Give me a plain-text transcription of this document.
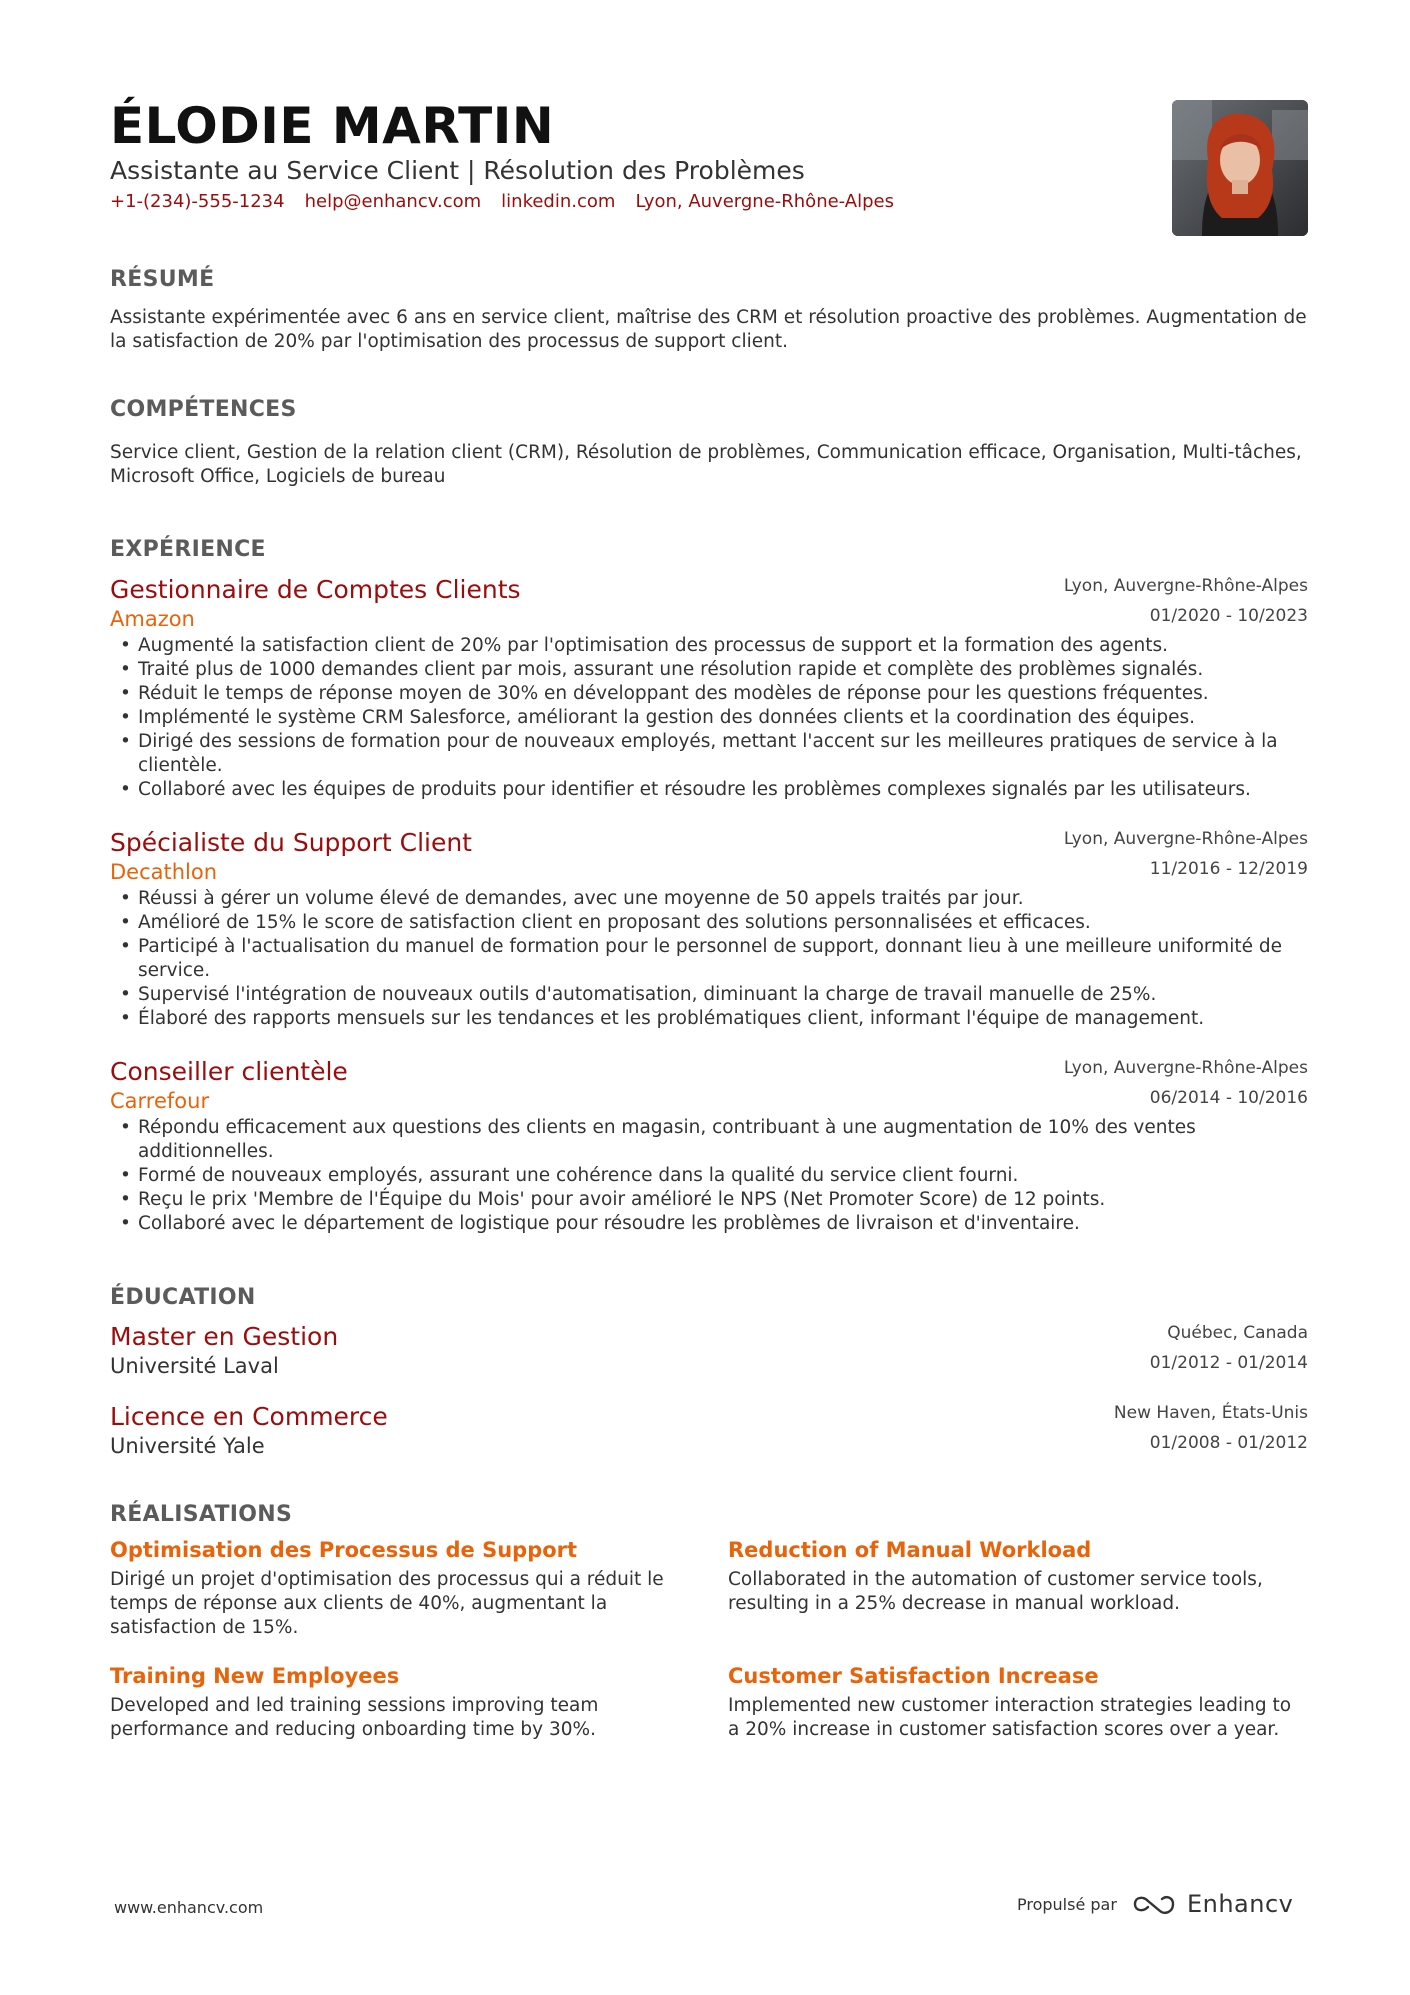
ÉLODIE MARTIN
Assistante au Service Client | Résolution des Problèmes
+1-(234)-555-1234 help@enhancv.com linkedin.com Lyon, Auvergne-Rhône-Alpes
RÉSUMÉ
Assistante expérimentée avec 6 ans en service client, maîtrise des CRM et résolution proactive des problèmes. Augmentation de la satisfaction de 20% par l'optimisation des processus de support client.
COMPÉTENCES
Service client, Gestion de la relation client (CRM), Résolution de problèmes, Communication efficace, Organisation, Multi-tâches, Microsoft Office, Logiciels de bureau
EXPÉRIENCE
Gestionnaire de Comptes Clients
Amazon
Lyon, Auvergne-Rhône-Alpes
01/2020 - 10/2023
• Augmenté la satisfaction client de 20% par l'optimisation des processus de support et la formation des agents.
• Traité plus de 1000 demandes client par mois, assurant une résolution rapide et complète des problèmes signalés.
• Réduit le temps de réponse moyen de 30% en développant des modèles de réponse pour les questions fréquentes.
• Implémenté le système CRM Salesforce, améliorant la gestion des données clients et la coordination des équipes.
• Dirigé des sessions de formation pour de nouveaux employés, mettant l'accent sur les meilleures pratiques de service à la clientèle.
• Collaboré avec les équipes de produits pour identifier et résoudre les problèmes complexes signalés par les utilisateurs.
Spécialiste du Support Client
Decathlon
Lyon, Auvergne-Rhône-Alpes
11/2016 - 12/2019
• Réussi à gérer un volume élevé de demandes, avec une moyenne de 50 appels traités par jour.
• Amélioré de 15% le score de satisfaction client en proposant des solutions personnalisées et efficaces.
• Participé à l'actualisation du manuel de formation pour le personnel de support, donnant lieu à une meilleure uniformité de service.
• Supervisé l'intégration de nouveaux outils d'automatisation, diminuant la charge de travail manuelle de 25%.
• Élaboré des rapports mensuels sur les tendances et les problématiques client, informant l'équipe de management.
Conseiller clientèle
Carrefour
Lyon, Auvergne-Rhône-Alpes
06/2014 - 10/2016
• Répondu efficacement aux questions des clients en magasin, contribuant à une augmentation de 10% des ventes additionnelles.
• Formé de nouveaux employés, assurant une cohérence dans la qualité du service client fourni.
• Reçu le prix 'Membre de l'Équipe du Mois' pour avoir amélioré le NPS (Net Promoter Score) de 12 points.
• Collaboré avec le département de logistique pour résoudre les problèmes de livraison et d'inventaire.
ÉDUCATION
Master en Gestion
Université Laval
Québec, Canada
01/2012 - 01/2014
Licence en Commerce
Université Yale
New Haven, États-Unis
01/2008 - 01/2012
RÉALISATIONS
Optimisation des Processus de Support
Dirigé un projet d'optimisation des processus qui a réduit le temps de réponse aux clients de 40%, augmentant la satisfaction de 15%.
Reduction of Manual Workload
Collaborated in the automation of customer service tools, resulting in a 25% decrease in manual workload.
Training New Employees
Developed and led training sessions improving team performance and reducing onboarding time by 30%.
Customer Satisfaction Increase
Implemented new customer interaction strategies leading to a 20% increase in customer satisfaction scores over a year.
www.enhancv.com	Propulsé par	Enhancv
